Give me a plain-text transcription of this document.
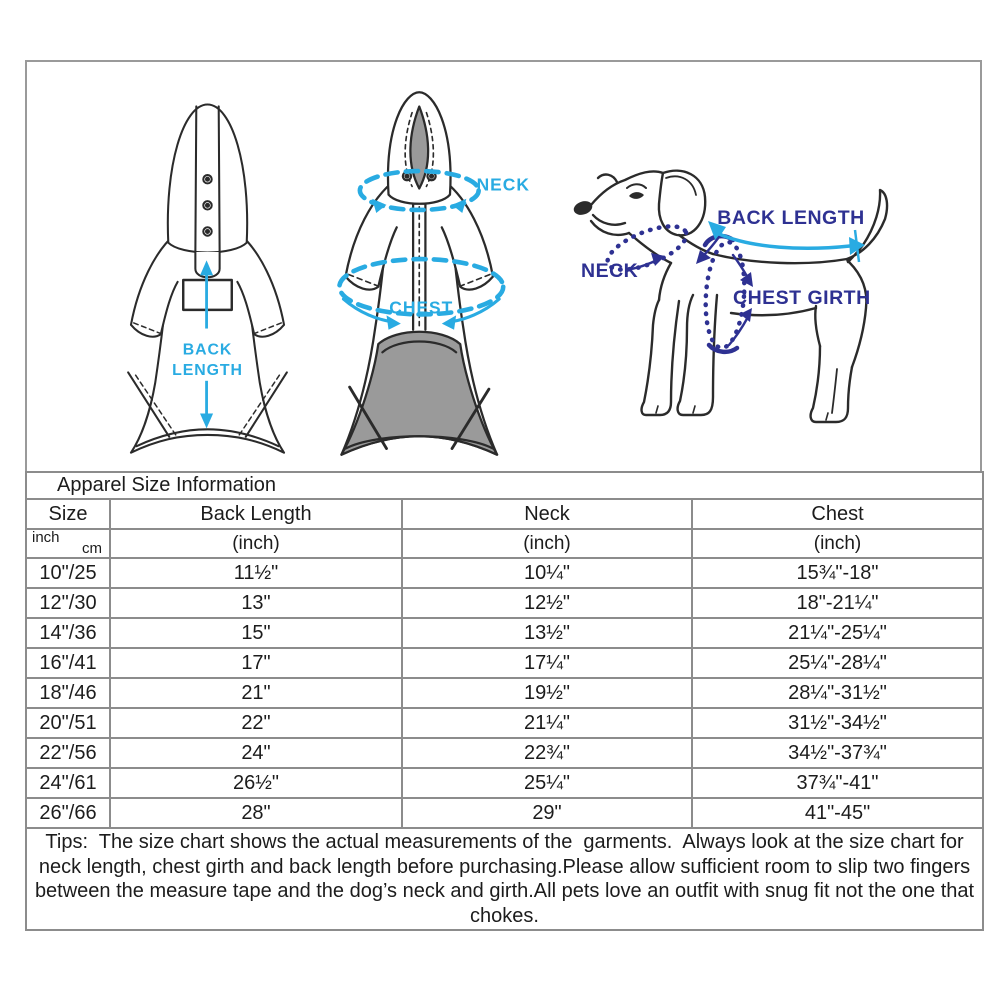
BACK
LENGTH
NECK
CHEST
BACK LENGTH
NECK
CHEST GIRTH
Apparel Size Information			
Size	Back Length	Neck	Chest

inch
cm	(inch)	(inch)	(inch)
10"/25	11½"	10¼"	15¾"-18"
12"/30	13"	12½"	18"-21¼"
14"/36	15"	13½"	21¼"-25¼"
16"/41	17"	17¼"	25¼"-28¼"
18"/46	21"	19½"	28¼"-31½"
20"/51	22"	21¼"	31½"-34½"
22"/56	24"	22¾"	34½"-37¾"
24"/61	26½"	25¼"	37¾"-41"
26"/66	28"	29"	41"-45"
Tips:  The size chart shows the actual measurements of the  garments.  Always look at the size chart for neck length, chest girth and back length before purchasing.Please allow sufficient room to slip two fingers between the measure tape and the dog’s neck and girth.All pets love an outfit with snug fit not the one that chokes.			
